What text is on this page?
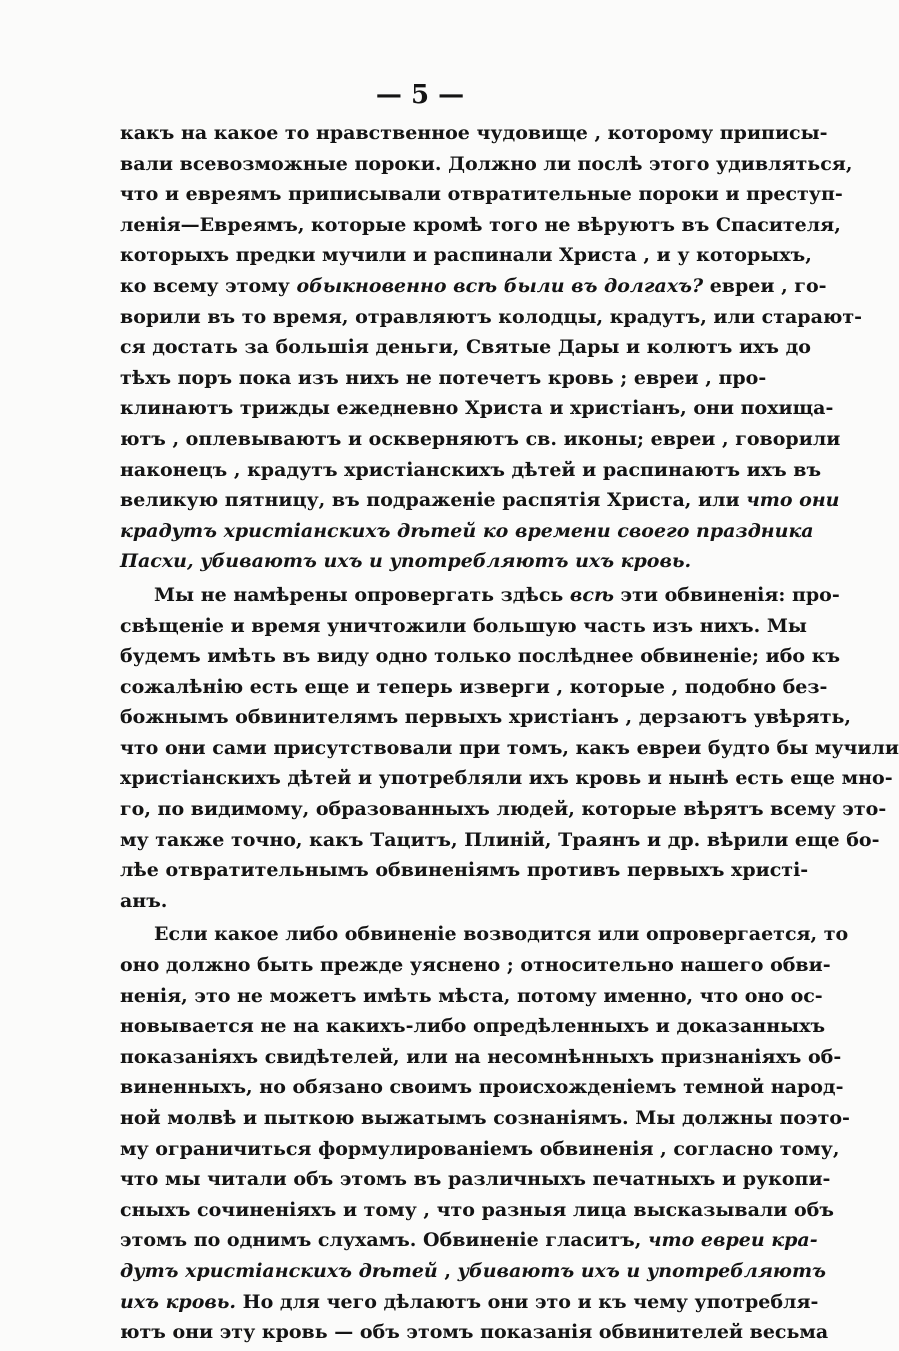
— 5 —

какъ на какое то нравственное чудовище , которому приписы-
вали всевозможные пороки. Должно ли послѣ этого удивляться,
что и евреямъ приписывали отвратительные пороки и преступ-
ленія—Евреямъ, которые кромѣ того не вѣруютъ въ Спасителя,
которыхъ предки мучили и распинали Христа , и у которыхъ,
ко всему этому обыкновенно всѣ были въ долгахъ? евреи , го-
ворили въ то время, отравляютъ колодцы, крадутъ, или старают-
ся достать за большія деньги, Святые Дары и колютъ ихъ до
тѣхъ поръ пока изъ нихъ не потечетъ кровь ; евреи , про-
клинаютъ трижды ежедневно Христа и христіанъ, они похища-
ютъ , оплевываютъ и оскверняютъ св. иконы; евреи , говорили
наконецъ , крадутъ христіанскихъ дѣтей и распинаютъ ихъ въ
великую пятницу, въ подраженіе распятія Христа, или что они
крадутъ христіанскихъ дѣтей ко времени своего праздника
Пасхи, убиваютъ ихъ и употребляютъ ихъ кровь.

Мы не намѣрены опровергать здѣсь всѣ эти обвиненія: про-
свѣщеніе и время уничтожили большую часть изъ нихъ. Мы
будемъ имѣть въ виду одно только послѣднее обвиненіе; ибо къ
сожалѣнію есть еще и теперь изверги , которые , подобно без-
божнымъ обвинителямъ первыхъ христіанъ , дерзаютъ увѣрять,
что они сами присутствовали при томъ, какъ евреи будто бы мучили
христіанскихъ дѣтей и употребляли ихъ кровь и нынѣ есть еще мно-
го, по видимому, образованныхъ людей, которые вѣрятъ всему это-
му также точно, какъ Тацитъ, Плиній, Траянъ и др. вѣрили еще бо-
лѣе отвратительнымъ обвиненіямъ противъ первыхъ христі-
анъ.

Если какое либо обвиненіе возводится или опровергается, то
оно должно быть прежде уяснено ; относительно нашего обви-
ненія, это не можетъ имѣть мѣста, потому именно, что оно ос-
новывается не на какихъ-либо опредѣленныхъ и доказанныхъ
показаніяхъ свидѣтелей, или на несомнѣнныхъ признаніяхъ об-
виненныхъ, но обязано своимъ происхожденіемъ темной народ-
ной молвѣ и пыткою выжатымъ сознаніямъ. Мы должны поэто-
му ограничиться формулированіемъ обвиненія , согласно тому,
что мы читали объ этомъ въ различныхъ печатныхъ и рукопи-
сныхъ сочиненіяхъ и тому , что разныя лица высказывали объ
этомъ по однимъ слухамъ. Обвиненіе гласитъ, что евреи кра-
дутъ христіанскихъ дѣтей , убиваютъ ихъ и употребляютъ
ихъ кровь. Но для чего дѣлаютъ они это и къ чему употребля-
ютъ они эту кровь — объ этомъ показанія обвинителей весьма
